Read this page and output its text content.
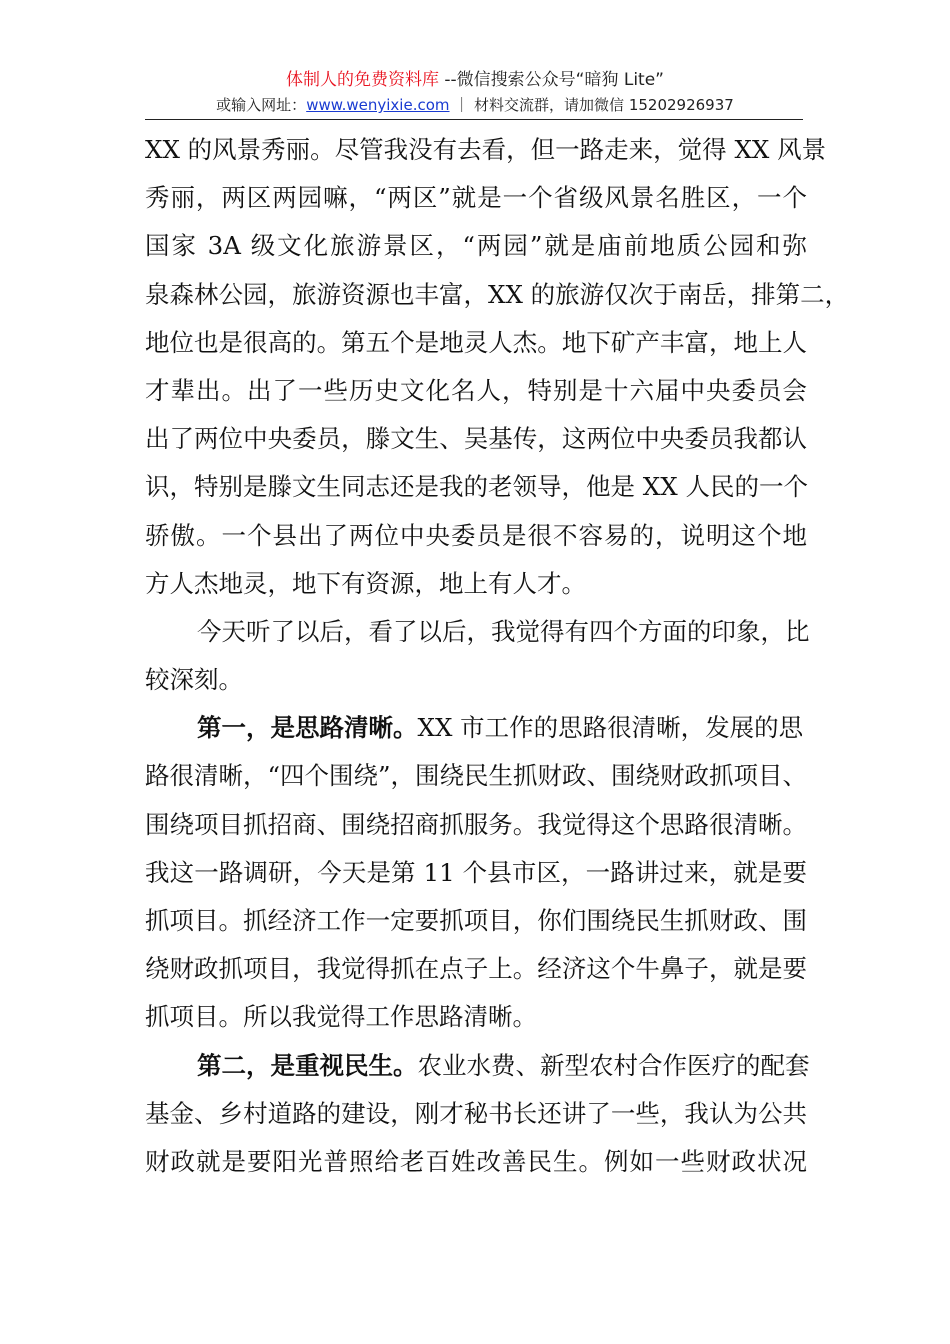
体制人的免费资料库 --微信搜索公众号“暗狗 Lite”
或输入网址：www.wenyixie.com ｜ 材料交流群，请加微信 15202926937
XX 的风景秀丽。尽管我没有去看，但一路走来，觉得 XX 风景
秀丽，两区两园嘛，“两区”就是一个省级风景名胜区，一个
国家 3A 级文化旅游景区，“两园”就是庙前地质公园和弥
泉森林公园，旅游资源也丰富，XX 的旅游仅次于南岳，排第二，
地位也是很高的。第五个是地灵人杰。地下矿产丰富，地上人
才辈出。出了一些历史文化名人，特别是十六届中央委员会
出了两位中央委员，滕文生、吴基传，这两位中央委员我都认
识，特别是滕文生同志还是我的老领导，他是 XX 人民的一个
骄傲。一个县出了两位中央委员是很不容易的，说明这个地
方人杰地灵，地下有资源，地上有人才。
今天听了以后，看了以后，我觉得有四个方面的印象，比
较深刻。
第一，是思路清晰。XX 市工作的思路很清晰，发展的思
路很清晰，“四个围绕”，围绕民生抓财政、围绕财政抓项目、
围绕项目抓招商、围绕招商抓服务。我觉得这个思路很清晰。
我这一路调研，今天是第 11 个县市区，一路讲过来，就是要
抓项目。抓经济工作一定要抓项目，你们围绕民生抓财政、围
绕财政抓项目，我觉得抓在点子上。经济这个牛鼻子，就是要
抓项目。所以我觉得工作思路清晰。
第二，是重视民生。农业水费、新型农村合作医疗的配套
基金、乡村道路的建设，刚才秘书长还讲了一些，我认为公共
财政就是要阳光普照给老百姓改善民生。例如一些财政状况
